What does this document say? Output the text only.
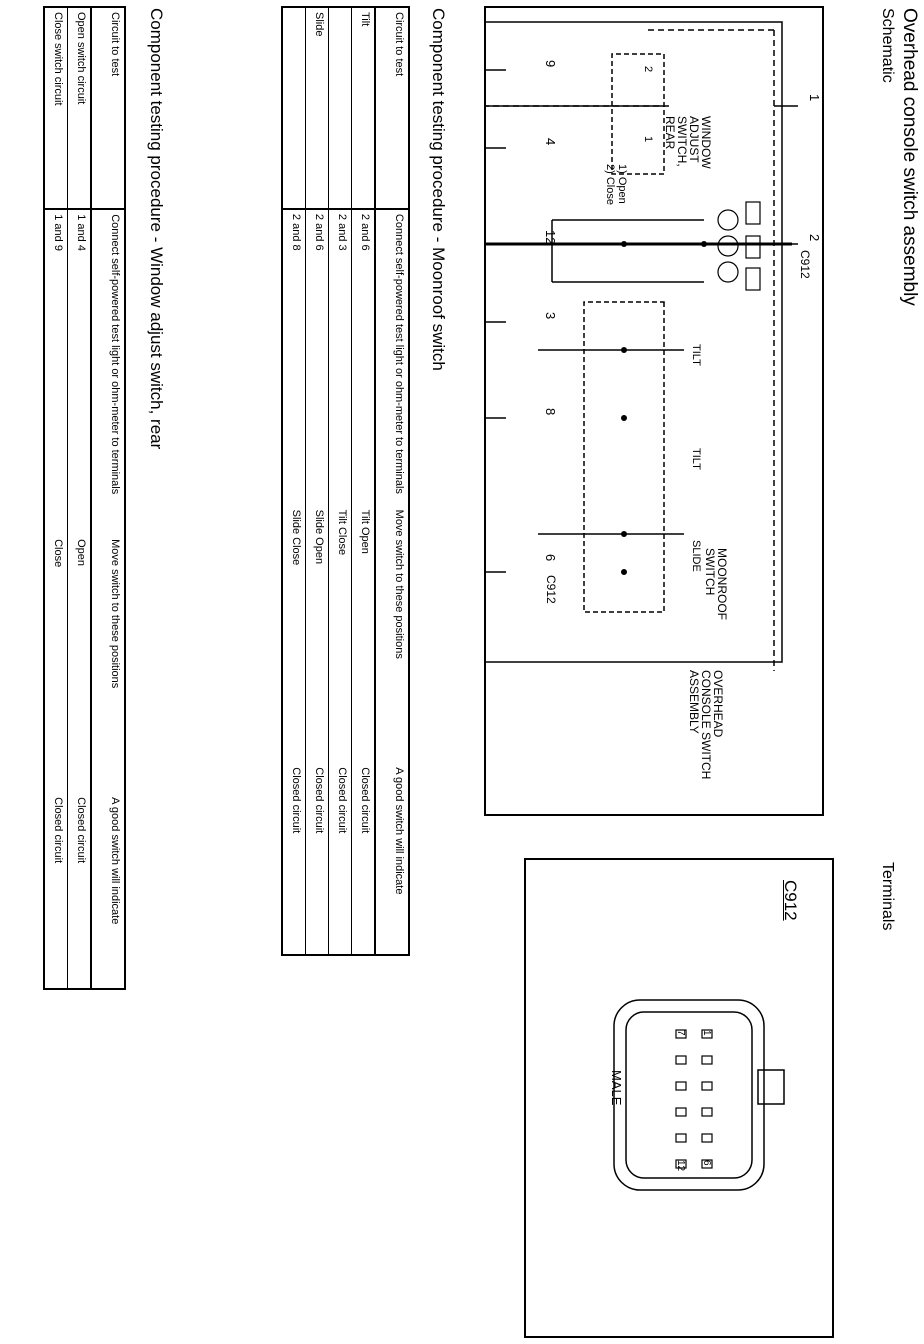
Overhead console switch assembly
Schematic
Terminals
1
2
C912
9
4
12
3
8
6
C912
WINDOW
ADJUST
SWITCH,
REAR
1) Open
2) Close
2
1
TILT
TILT
SLIDE MOONROOF
SWITCH
OVERHEAD
CONSOLE SWITCH
ASSEMBLY
C912
1
7
6
12
MALE
Component testing procedure - Moonroof switch
Circuit to test	Connect self-powered test light or ohm-meter to terminals	Move switch to these positions	A good switch will indicate
Tilt	2 and 6	Tilt Open	Closed circuit
	2 and 3	Tilt Close	Closed circuit
Slide	2 and 6	Slide Open	Closed circuit
	2 and 8	Slide Close	Closed circuit
Component testing procedure - Window adjust switch, rear
Circuit to test	Connect self-powered test light or ohm-meter to terminals	Move switch to these positions	A good switch will indicate
Open switch circuit	1 and 4	Open	Closed circuit
Close switch circuit	1 and 9	Close	Closed circuit
